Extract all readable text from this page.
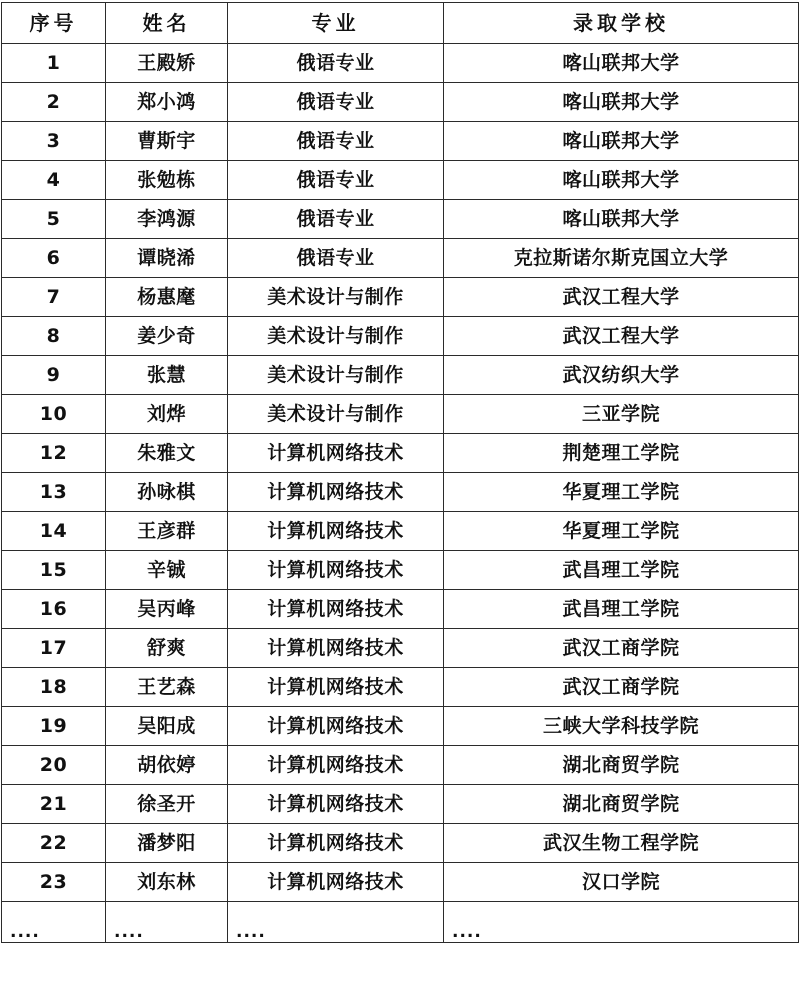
序号	姓名	专业	录取学校
1	王殿矫	俄语专业	喀山联邦大学
2	郑小鸿	俄语专业	喀山联邦大学
3	曹斯宇	俄语专业	喀山联邦大学
4	张勉栋	俄语专业	喀山联邦大学
5	李鸿源	俄语专业	喀山联邦大学
6	谭晓浠	俄语专业	克拉斯诺尔斯克国立大学
7	杨惠麾	美术设计与制作	武汉工程大学
8	姜少奇	美术设计与制作	武汉工程大学
9	张慧	美术设计与制作	武汉纺织大学
10	刘烨	美术设计与制作	三亚学院
12	朱雅文	计算机网络技术	荆楚理工学院
13	孙咏棋	计算机网络技术	华夏理工学院
14	王彦群	计算机网络技术	华夏理工学院
15	辛铖	计算机网络技术	武昌理工学院
16	吴丙峰	计算机网络技术	武昌理工学院
17	舒爽	计算机网络技术	武汉工商学院
18	王艺森	计算机网络技术	武汉工商学院
19	吴阳成	计算机网络技术	三峡大学科技学院
20	胡依婷	计算机网络技术	湖北商贸学院
21	徐圣开	计算机网络技术	湖北商贸学院
22	潘梦阳	计算机网络技术	武汉生物工程学院
23	刘东林	计算机网络技术	汉口学院
....	....	....	....
